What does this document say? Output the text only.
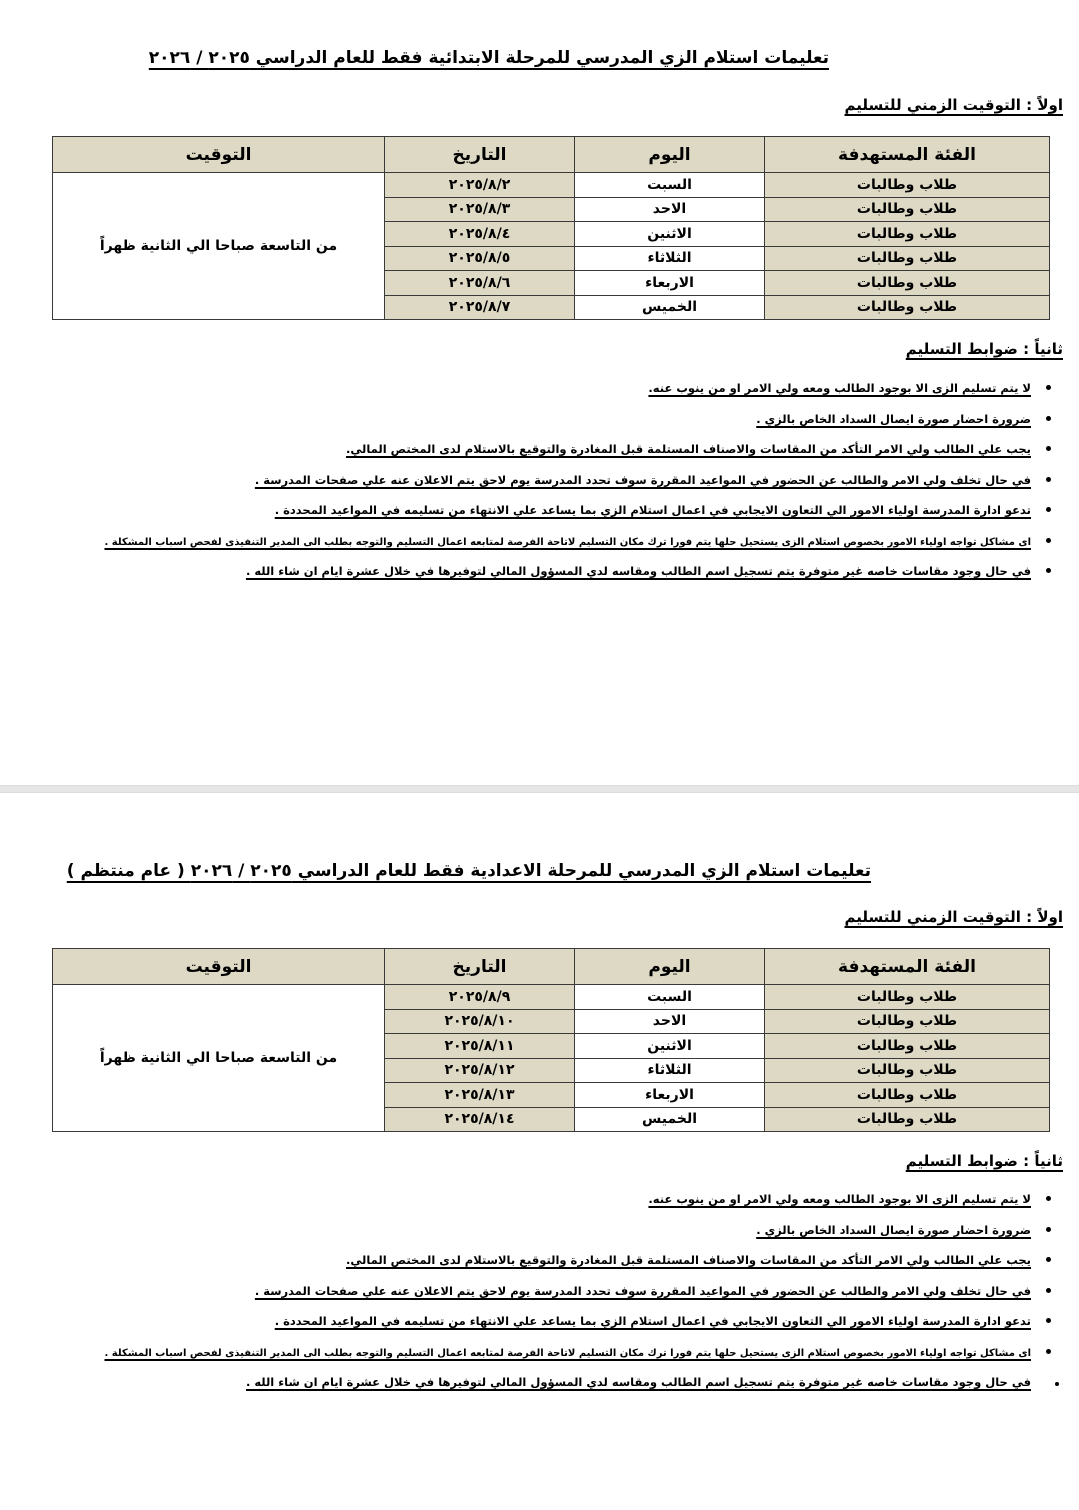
تعليمات استلام الزي المدرسي للمرحلة الابتدائية فقط للعام الدراسي ٢٠٢٥ / ٢٠٢٦
اولاً : التوقيت الزمني للتسليم
الفئة المستهدفة	اليوم	التاريخ	التوقيت
طلاب وطالبات	السبت	٢٠٢٥/٨/٢	من التاسعة صباحا الي الثانية ظهراً
طلاب وطالبات	الاحد	٢٠٢٥/٨/٣	
طلاب وطالبات	الاثنين	٢٠٢٥/٨/٤	
طلاب وطالبات	الثلاثاء	٢٠٢٥/٨/٥	
طلاب وطالبات	الاربعاء	٢٠٢٥/٨/٦	
طلاب وطالبات	الخميس	٢٠٢٥/٨/٧	
ثانياً : ضوابط التسليم
لا يتم تسليم الزى الا بوجود الطالب ومعه ولي الامر او من ينوب عنه.
ضرورة احضار صورة ايصال السداد الخاص بالزي .
يجب علي الطالب ولي الامر التأكد من المقاسات والاصناف المستلمة قبل المغادرة والتوقيع بالاستلام لدى المختص المالي.
في حال تخلف ولي الامر والطالب عن الحضور في المواعيد المقررة سوف تحدد المدرسة يوم لاحق يتم الاعلان عنه علي صفحات المدرسة .
تدعو ادارة المدرسة اولياء الامور الي التعاون الايجابي في اعمال استلام الزي بما يساعد علي الانتهاء من تسليمه في المواعيد المحددة .
اى مشاكل تواجه اولياء الامور بخصوص استلام الزى يستحيل حلها يتم فورا ترك مكان التسليم لاتاحة الفرصة لمتابعه اعمال التسليم والتوجه بطلب الى المدير التنفيذى لفحص اسباب المشكلة .
في حال وجود مقاسات خاصه غير متوفرة يتم تسجيل اسم الطالب ومقاسه لدي المسؤول المالي لتوفيرها في خلال عشرة ايام ان شاء الله .
تعليمات استلام الزي المدرسي للمرحلة الاعدادية فقط للعام الدراسي ٢٠٢٥ / ٢٠٢٦ ( عام منتظم )
اولاً : التوقيت الزمني للتسليم
الفئة المستهدفة	اليوم	التاريخ	التوقيت
طلاب وطالبات	السبت	٢٠٢٥/٨/٩	من التاسعة صباحا الي الثانية ظهراً
طلاب وطالبات	الاحد	٢٠٢٥/٨/١٠	
طلاب وطالبات	الاثنين	٢٠٢٥/٨/١١	
طلاب وطالبات	الثلاثاء	٢٠٢٥/٨/١٢	
طلاب وطالبات	الاربعاء	٢٠٢٥/٨/١٣	
طلاب وطالبات	الخميس	٢٠٢٥/٨/١٤	
ثانياً : ضوابط التسليم
لا يتم تسليم الزى الا بوجود الطالب ومعه ولي الامر او من ينوب عنه.
ضرورة احضار صورة ايصال السداد الخاص بالزي .
يجب علي الطالب ولي الامر التأكد من المقاسات والاصناف المستلمة قبل المغادرة والتوقيع بالاستلام لدى المختص المالي.
في حال تخلف ولي الامر والطالب عن الحضور في المواعيد المقررة سوف تحدد المدرسة يوم لاحق يتم الاعلان عنه علي صفحات المدرسة .
تدعو ادارة المدرسة اولياء الامور الي التعاون الايجابي في اعمال استلام الزي بما يساعد علي الانتهاء من تسليمه في المواعيد المحددة .
اى مشاكل تواجه اولياء الامور بخصوص استلام الزى يستحيل حلها يتم فورا ترك مكان التسليم لاتاحة الفرصة لمتابعه اعمال التسليم والتوجه بطلب الى المدير التنفيذى لفحص اسباب المشكلة .
في حال وجود مقاسات خاصه غير متوفرة يتم تسجيل اسم الطالب ومقاسه لدي المسؤول المالي لتوفيرها في خلال عشرة ايام ان شاء الله .
